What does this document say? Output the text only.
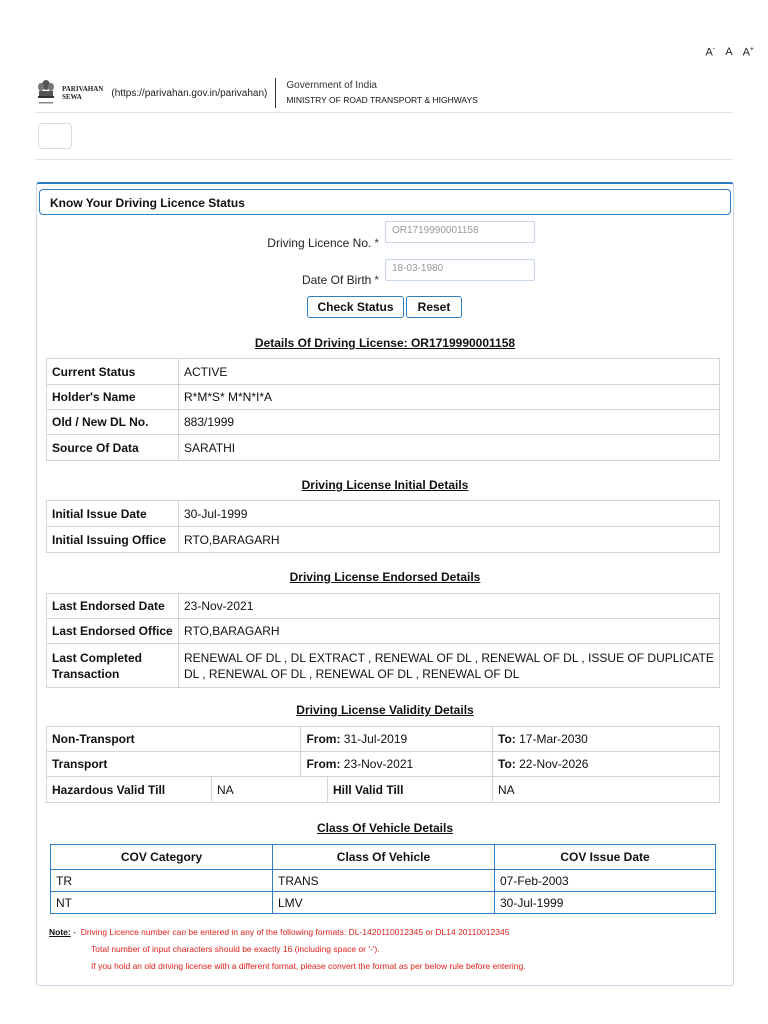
A- A A+
PARIVAHAN
SEWA	(https://parivahan.gov.in/parivahan)
Government of India
MINISTRY OF ROAD TRANSPORT & HIGHWAYS
Know Your Driving Licence Status
Driving Licence No. *
OR1719990001158
Date Of Birth *
18-03-1980
Check Status	Reset
Details Of Driving License: OR1719990001158
Current Status	ACTIVE
Holder's Name	R*M*S* M*N*I*A
Old / New DL No.	883/1999
Source Of Data	SARATHI
Driving License Initial Details
Initial Issue Date	30-Jul-1999
Initial Issuing Office	RTO,BARAGARH
Driving License Endorsed Details
Last Endorsed Date	23-Nov-2021
Last Endorsed Office	RTO,BARAGARH
Last Completed Transaction	RENEWAL OF DL , DL EXTRACT , RENEWAL OF DL , RENEWAL OF DL , ISSUE OF DUPLICATE DL , RENEWAL OF DL , RENEWAL OF DL , RENEWAL OF DL
Driving License Validity Details
Non-Transport		From: 31-Jul-2019		To: 17-Mar-2030
Transport		From: 23-Nov-2021		To: 22-Nov-2026
Hazardous Valid Till	NA		Hill Valid Till	NA
Class Of Vehicle Details
COV Category	Class Of Vehicle	COV Issue Date
TR	TRANS	07-Feb-2003
NT	LMV	30-Jul-1999
Note: - Driving Licence number can be entered in any of the following formats: DL-1420110012345 or DL14 20110012345
Total number of input characters should be exactly 16 (including space or '-').
If you hold an old driving license with a different format, please convert the format as per below rule before entering.
